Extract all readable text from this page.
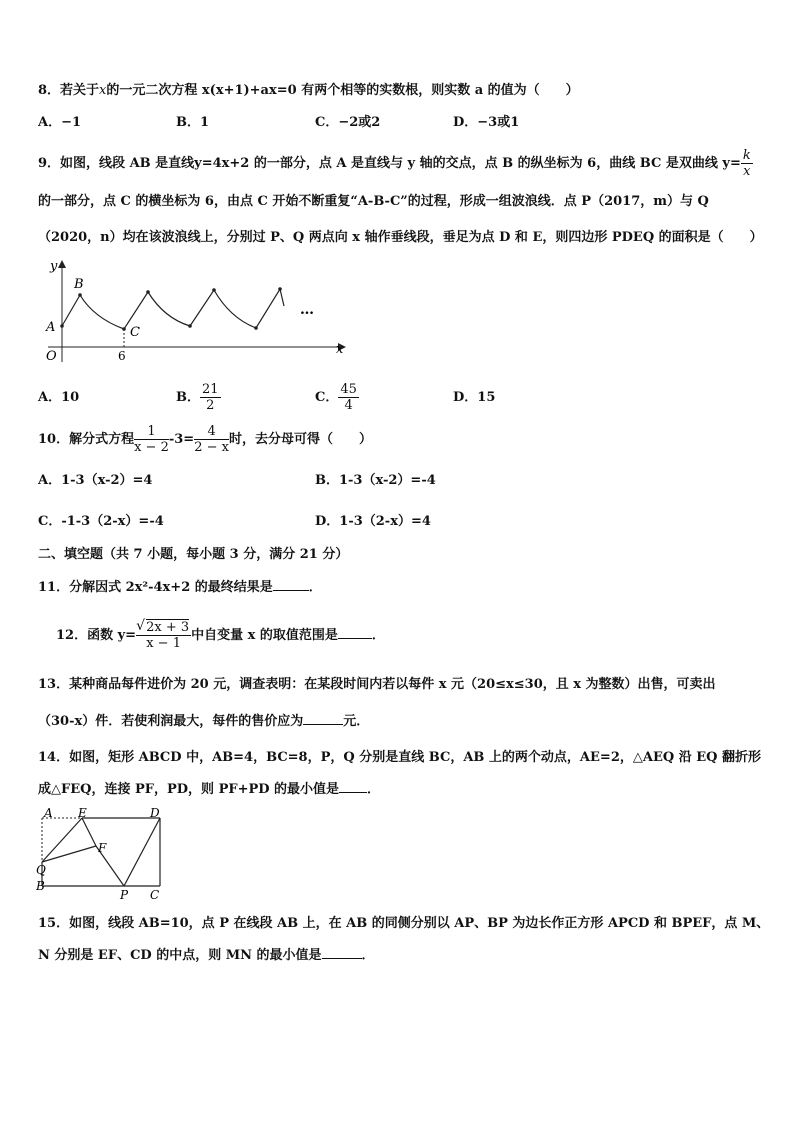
8．若关于x的一元二次方程 x(x+1)+ax=0 有两个相等的实数根，则实数 a 的值为（　　）
A．−1	B．1	C．−2或2	D．−3或1
9．如图，线段 AB 是直线y=4x+2 的一部分，点 A 是直线与 y 轴的交点，点 B 的纵坐标为 6，曲线 BC 是双曲线 $y= \frac{k}{x}$
的一部分，点 C 的横坐标为 6，由点 C 开始不断重复“A-B-C”的过程，形成一组波浪线．点 P（2017，m）与 Q
（2020，n）均在该波浪线上，分别过 P、Q 两点向 x 轴作垂线段，垂足为点 D 和 E，则四边形 PDEQ 的面积是（　　）
y
x
O
A
B
C
6
…
A．10	B． $\frac{21}{2}$	C． $\frac{45}{4}$	D．15
10．解分式方程 $\frac{1}{x - 2} -3= \frac{4}{2 - x}$ 时，去分母可得（　　）
A．1-3（x-2）=4	B．1-3（x-2）=-4
C．-1-3（2-x）=-4	D．1-3（2-x）=4
二、填空题（共 7 小题，每小题 3 分，满分 21 分）
11．分解因式 2x²-4x+2 的最终结果是	．
12．函数 $y= \frac{√ 2x + 3}{x - 1}$ 中自变量 x 的取值范围是	．
13．某种商品每件进价为 20 元，调查表明：在某段时间内若以每件 x 元（20≤x≤30，且 x 为整数）出售，可卖出
（30-x）件．若使利润最大，每件的售价应为	元．
14．如图，矩形 ABCD 中，AB=4，BC=8，P，Q 分别是直线 BC，AB 上的两个动点，AE=2，△AEQ 沿 EQ 翻折形
成△FEQ，连接 PF，PD，则 PF+PD 的最小值是 ．
A E	D
F
Q
B
P C
15．如图，线段 AB=10，点 P 在线段 AB 上，在 AB 的同侧分别以 AP、BP 为边长作正方形 APCD 和 BPEF，点 M、
N 分别是 EF、CD 的中点，则 MN 的最小值是	．
